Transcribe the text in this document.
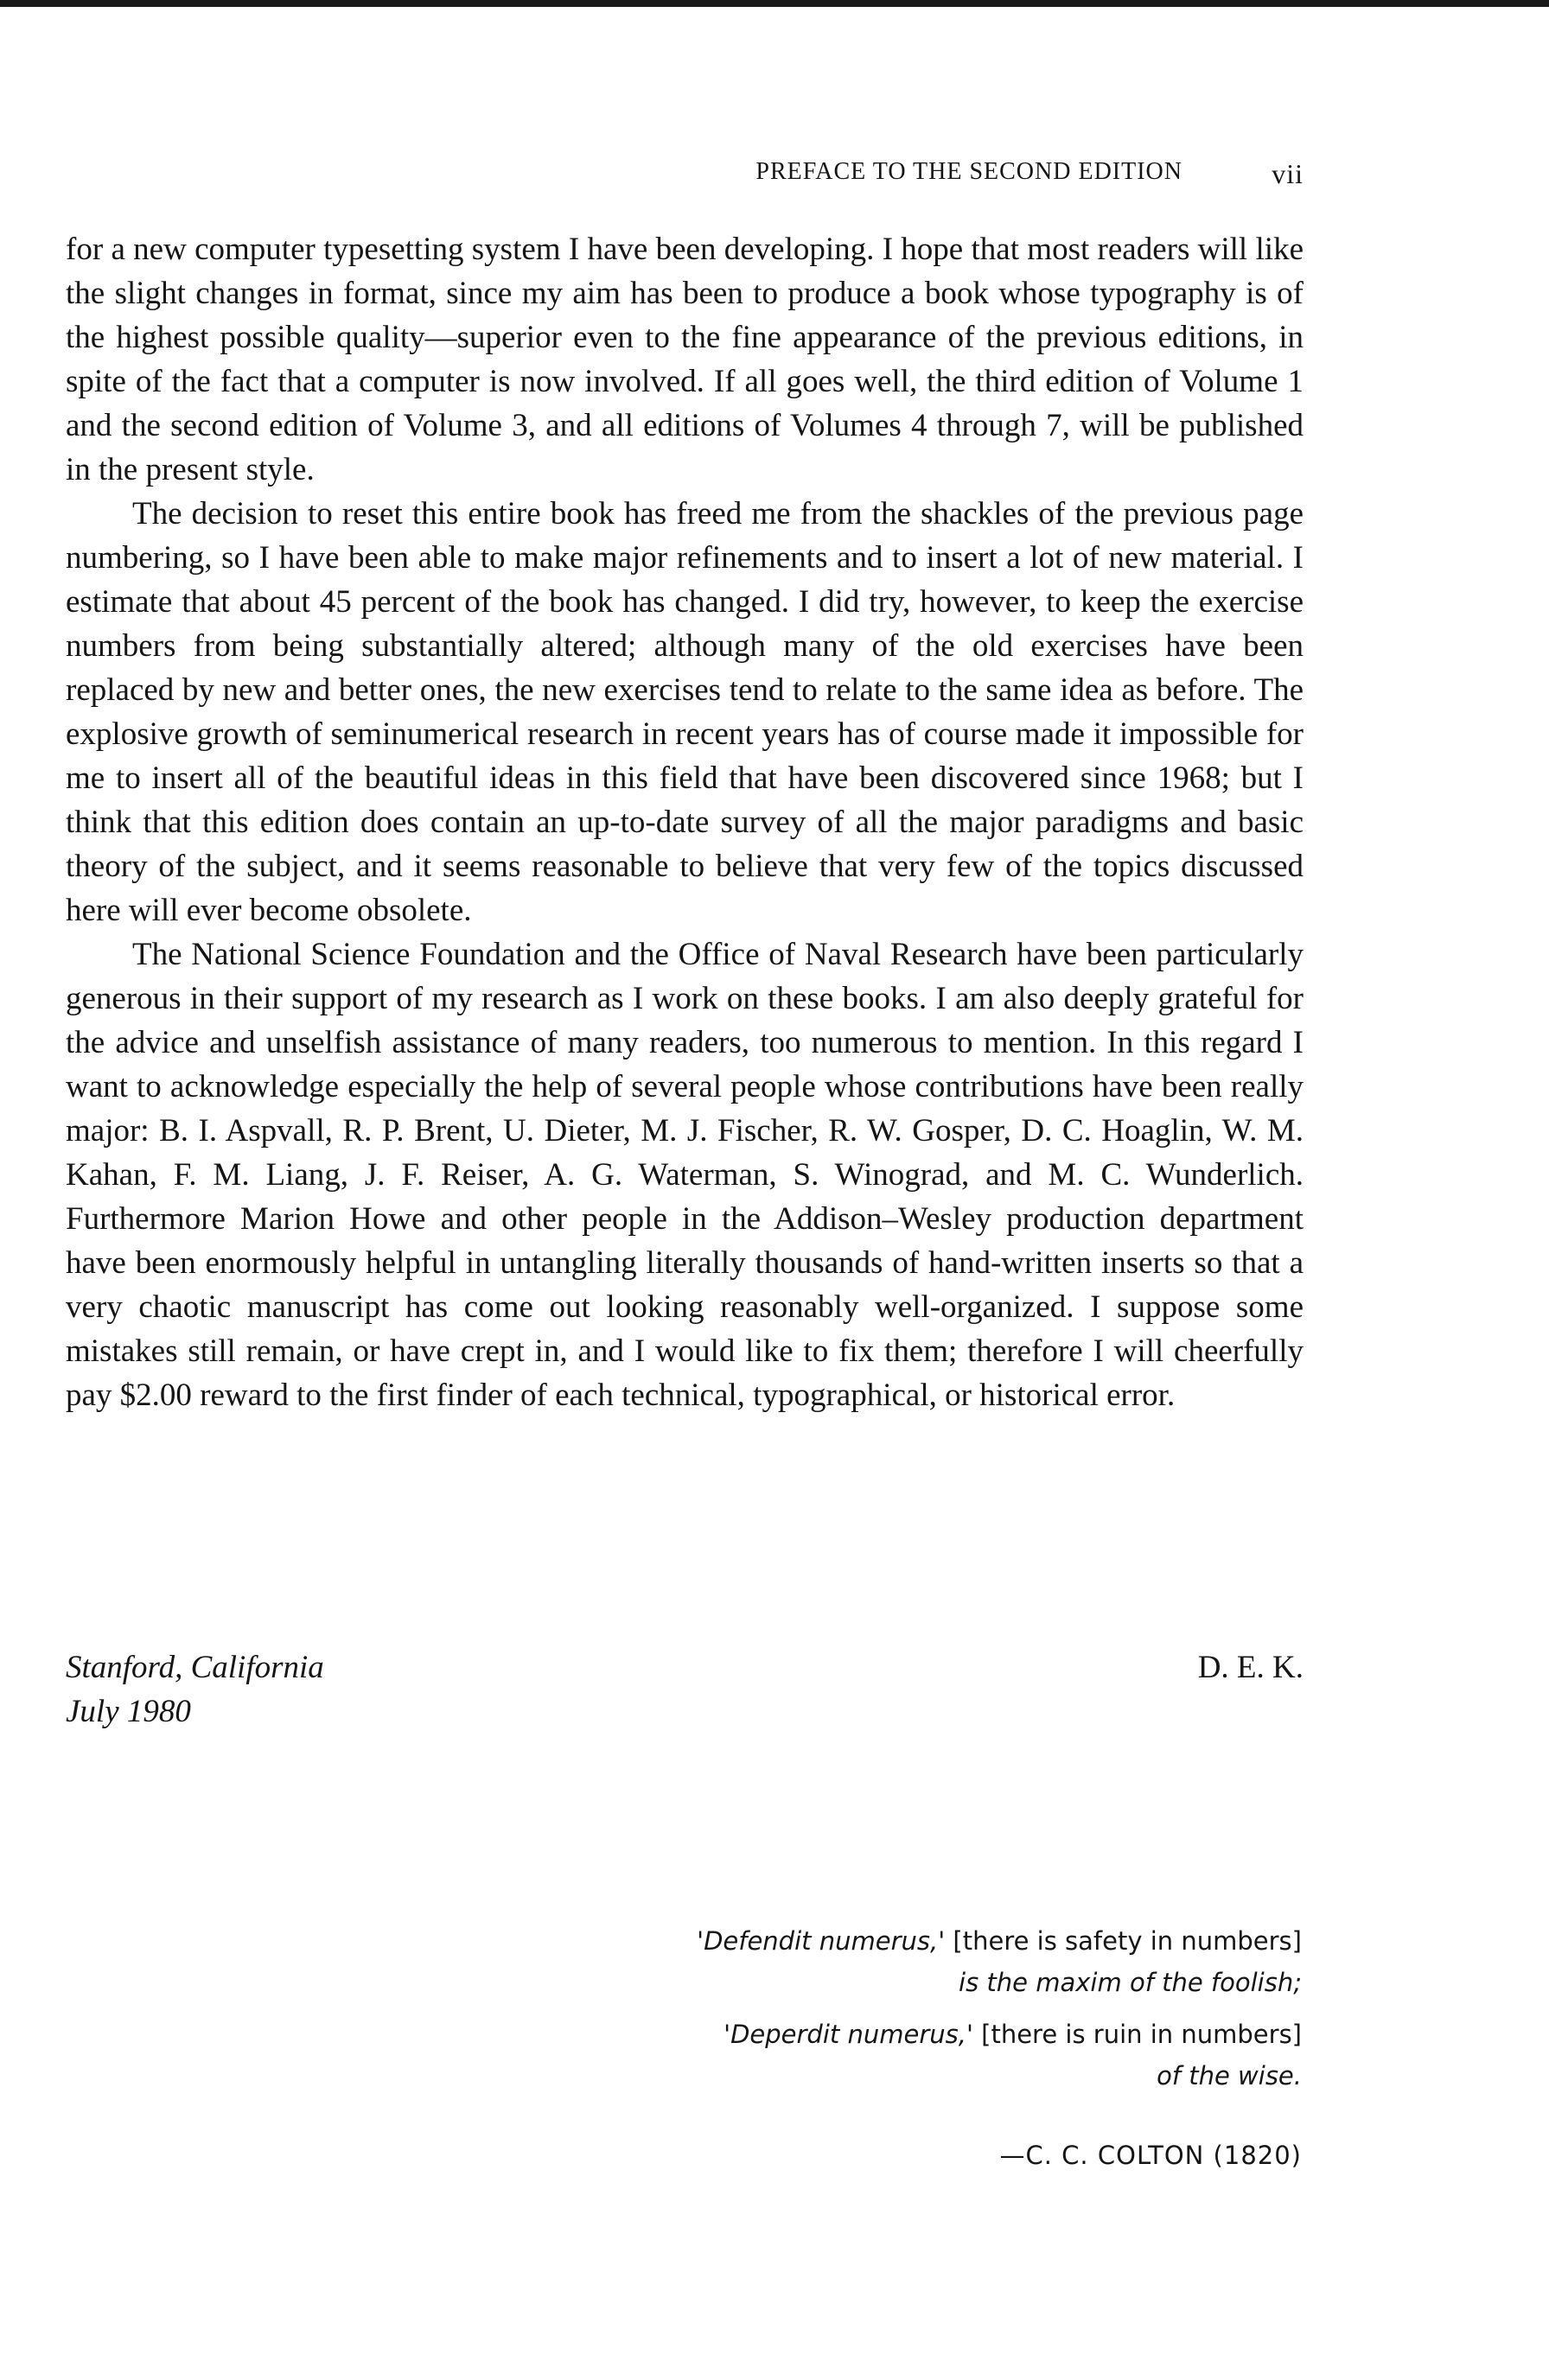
PREFACE TO THE SECOND EDITION	vii

for a new computer typesetting system I have been developing. I hope that most readers will like the slight changes in format, since my aim has been to produce a book whose typography is of the highest possible quality—superior even to the fine appearance of the previous editions, in spite of the fact that a computer is now involved. If all goes well, the third edition of Volume 1 and the second edition of Volume 3, and all editions of Volumes 4 through 7, will be published in the present style.

The decision to reset this entire book has freed me from the shackles of the previous page numbering, so I have been able to make major refinements and to insert a lot of new material. I estimate that about 45 percent of the book has changed. I did try, however, to keep the exercise numbers from being substantially altered; although many of the old exercises have been replaced by new and better ones, the new exercises tend to relate to the same idea as before. The explosive growth of seminumerical research in recent years has of course made it impossible for me to insert all of the beautiful ideas in this field that have been discovered since 1968; but I think that this edition does contain an up-to-date survey of all the major paradigms and basic theory of the subject, and it seems reasonable to believe that very few of the topics discussed here will ever become obsolete.

The National Science Foundation and the Office of Naval Research have been particularly generous in their support of my research as I work on these books. I am also deeply grateful for the advice and unselfish assistance of many readers, too numerous to mention. In this regard I want to acknowledge especially the help of several people whose contributions have been really major: B. I. Aspvall, R. P. Brent, U. Dieter, M. J. Fischer, R. W. Gosper, D. C. Hoaglin, W. M. Kahan, F. M. Liang, J. F. Reiser, A. G. Waterman, S. Winograd, and M. C. Wunderlich. Furthermore Marion Howe and other people in the Addison–Wesley production department have been enormously helpful in untangling literally thousands of hand-written inserts so that a very chaotic manuscript has come out looking reasonably well-organized. I suppose some mistakes still remain, or have crept in, and I would like to fix them; therefore I will cheerfully pay $2.00 reward to the first finder of each technical, typographical, or historical error.

Stanford, California
July 1980
D. E. K.
'Defendit numerus,' [there is safety in numbers]
is the maxim of the foolish;
'Deperdit numerus,' [there is ruin in numbers]
of the wise.
—C. C. COLTON (1820)
